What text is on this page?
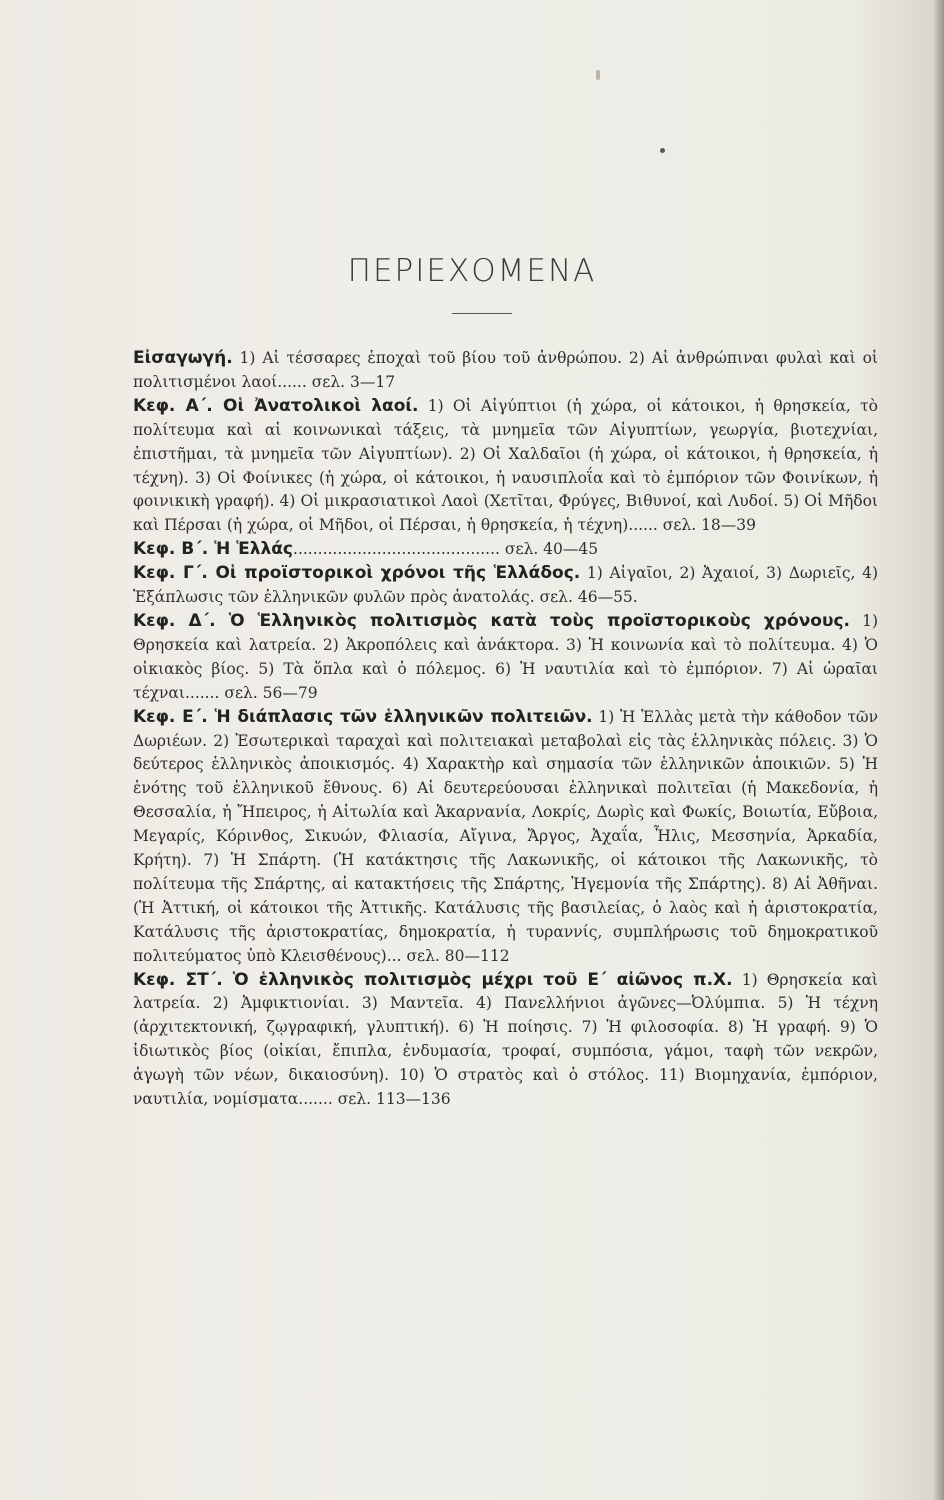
ΠΕΡΙΕΧΟΜΕΝΑ

Εἰσαγωγή. 1) Αἱ τέσσαρες ἐποχαὶ τοῦ βίου τοῦ ἀνθρώπου. 2) Αἱ ἀνθρώπιναι φυλαὶ καὶ οἱ πολιτισμένοι λαοί...... σελ. 3—17

Κεφ. Α΄. Οἱ Ἀνατολικοὶ λαοί. 1) Οἱ Αἰγύπτιοι (ἡ χώρα, οἱ κάτοικοι, ἡ θρησκεία, τὸ πολίτευμα καὶ αἱ κοινωνικαὶ τάξεις, τὰ μνημεῖα τῶν Αἰγυπτίων, γεωργία, βιοτεχνίαι, ἐπιστῆμαι, τὰ μνημεῖα τῶν Αἰγυπτίων). 2) Οἱ Χαλδαῖοι (ἡ χώρα, οἱ κάτοικοι, ἡ θρησκεία, ἡ τέχνη). 3) Οἱ Φοίνικες (ἡ χώρα, οἱ κάτοικοι, ἡ ναυσιπλοΐα καὶ τὸ ἐμπόριον τῶν Φοινίκων, ἡ φοινικικὴ γραφή). 4) Οἱ μικρασιατικοὶ Λαοὶ (Χετῖται, Φρύγες, Βιθυνοί, καὶ Λυδοί. 5) Οἱ Μῆδοι καὶ Πέρσαι (ἡ χώρα, οἱ Μῆδοι, οἱ Πέρσαι, ἡ θρησκεία, ἡ τέχνη)...... σελ. 18—39

Κεφ. Β΄. Ἡ Ἑλλάς.......................................... σελ. 40—45

Κεφ. Γ΄. Οἱ προϊστορικοὶ χρόνοι τῆς Ἑλλάδος. 1) Αἰγαῖοι, 2) Ἀχαιοί, 3) Δωριεῖς, 4) Ἐξάπλωσις τῶν ἑλληνικῶν φυλῶν πρὸς ἀνατολάς. σελ. 46—55.

Κεφ. Δ΄. Ὁ Ἑλληνικὸς πολιτισμὸς κατὰ τοὺς προϊστορικοὺς χρόνους. 1) Θρησκεία καὶ λατρεία. 2) Ἀκροπόλεις καὶ ἀνάκτορα. 3) Ἡ κοινωνία καὶ τὸ πολίτευμα. 4) Ὁ οἰκιακὸς βίος. 5) Τὰ ὅπλα καὶ ὁ πόλεμος. 6) Ἡ ναυτιλία καὶ τὸ ἐμπόριον. 7) Αἱ ὡραῖαι τέχναι....... σελ. 56—79

Κεφ. Ε΄. Ἡ διάπλασις τῶν ἑλληνικῶν πολιτειῶν. 1) Ἡ Ἑλλὰς μετὰ τὴν κάθοδον τῶν Δωριέων. 2) Ἐσωτερικαὶ ταραχαὶ καὶ πολιτειακαὶ μεταβολαὶ εἰς τὰς ἑλληνικὰς πόλεις. 3) Ὁ δεύτερος ἑλληνικὸς ἀποικισμός. 4) Χαρακτὴρ καὶ σημασία τῶν ἑλληνικῶν ἀποικιῶν. 5) Ἡ ἑνότης τοῦ ἑλληνικοῦ ἔθνους. 6) Αἱ δευτερεύουσαι ἑλληνικαὶ πολιτεῖαι (ἡ Μακεδονία, ἡ Θεσσαλία, ἡ Ἤπειρος, ἡ Αἰτωλία καὶ Ἀκαρνανία, Λοκρίς, Δωρὶς καὶ Φωκίς, Βοιωτία, Εὔβοια, Μεγαρίς, Κόρινθος, Σικυών, Φλιασία, Αἴγινα, Ἄργος, Ἀχαΐα, Ἦλις, Μεσσηνία, Ἀρκαδία, Κρήτη). 7) Ἡ Σπάρτη. (Ἡ κατάκτησις τῆς Λακωνικῆς, οἱ κάτοικοι τῆς Λακωνικῆς, τὸ πολίτευμα τῆς Σπάρτης, αἱ κατακτήσεις τῆς Σπάρτης, Ἡγεμονία τῆς Σπάρτης). 8) Αἱ Ἀθῆναι. (Ἡ Ἀττική, οἱ κάτοικοι τῆς Ἀττικῆς. Κατάλυσις τῆς βασιλείας, ὁ λαὸς καὶ ἡ ἀριστοκρατία, Κατάλυσις τῆς ἀριστοκρατίας, δημοκρατία, ἡ τυραννίς, συμπλήρωσις τοῦ δημοκρατικοῦ πολιτεύματος ὑπὸ Κλεισθένους)... σελ. 80—112

Κεφ. ΣΤ΄. Ὁ ἑλληνικὸς πολιτισμὸς μέχρι τοῦ Ε΄ αἰῶνος π.Χ. 1) Θρησκεία καὶ λατρεία. 2) Ἀμφικτιονίαι. 3) Μαντεῖα. 4) Πανελλήνιοι ἀγῶνες—Ὀλύμπια. 5) Ἡ τέχνη (ἀρχιτεκτονική, ζῳγραφική, γλυπτική). 6) Ἡ ποίησις. 7) Ἡ φιλοσοφία. 8) Ἡ γραφή. 9) Ὁ ἰδιωτικὸς βίος (οἰκίαι, ἔπιπλα, ἐνδυμασία, τροφαί, συμπόσια, γάμοι, ταφὴ τῶν νεκρῶν, ἀγωγὴ τῶν νέων, δικαιοσύνη). 10) Ὁ στρατὸς καὶ ὁ στόλος. 11) Βιομηχανία, ἐμπόριον, ναυτιλία, νομίσματα....... σελ. 113—136
